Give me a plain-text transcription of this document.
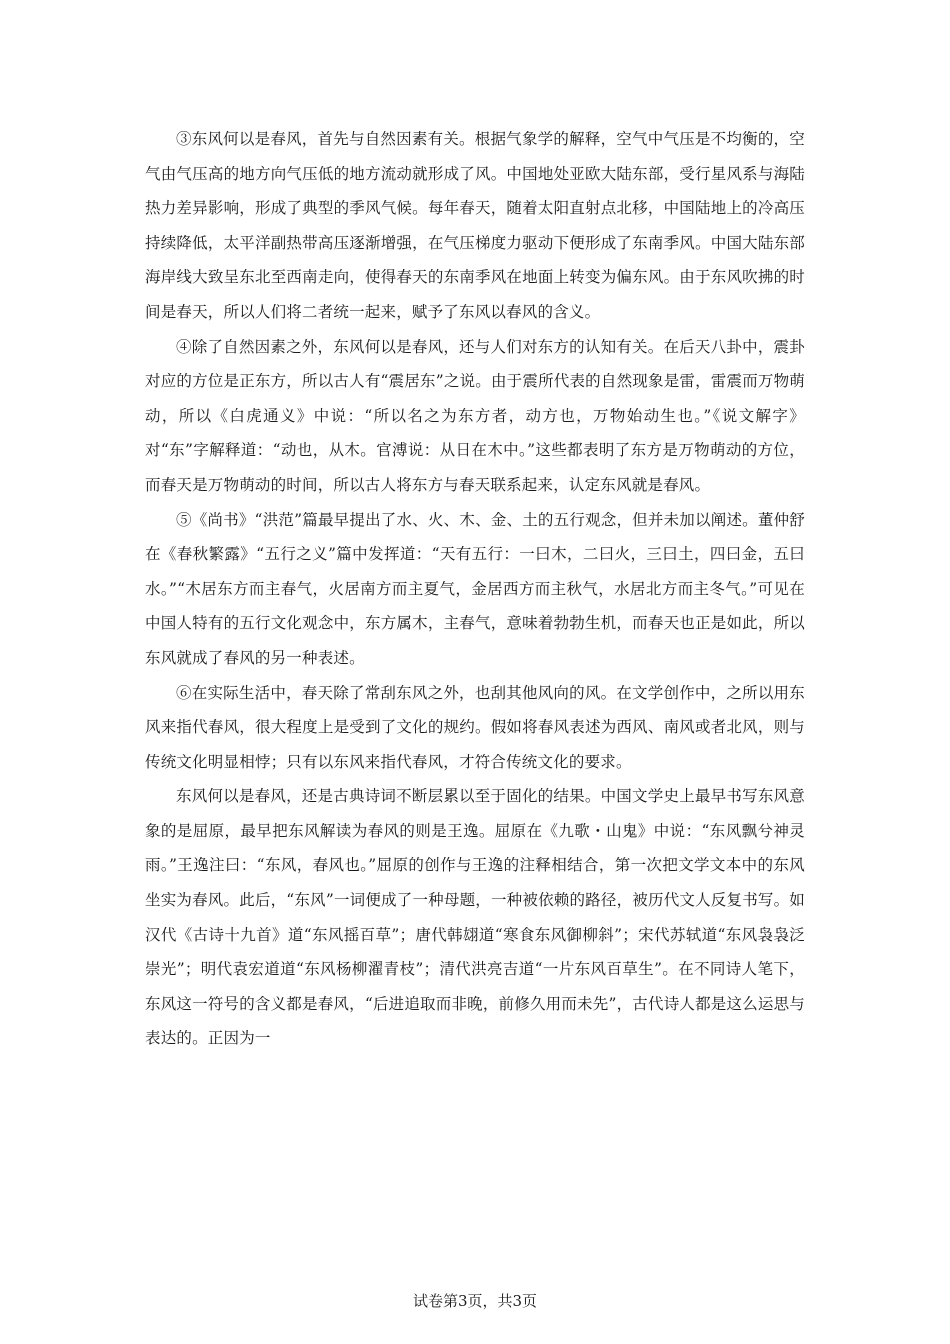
③东风何以是春风，首先与自然因素有关。根据气象学的解释，空气中气压是不均衡的，空气由气压高的地方向气压低的地方流动就形成了风。中国地处亚欧大陆东部，受行星风系与海陆热力差异影响，形成了典型的季风气候。每年春天，随着太阳直射点北移，中国陆地上的冷高压持续降低，太平洋副热带高压逐渐增强，在气压梯度力驱动下便形成了东南季风。中国大陆东部海岸线大致呈东北至西南走向，使得春天的东南季风在地面上转变为偏东风。由于东风吹拂的时间是春天，所以人们将二者统一起来，赋予了东风以春风的含义。

④除了自然因素之外，东风何以是春风，还与人们对东方的认知有关。在后天八卦中，震卦对应的方位是正东方，所以古人有“震居东”之说。由于震所代表的自然现象是雷，雷震而万物萌动，所以《白虎通义》中说：“所以名之为东方者，动方也，万物始动生也。”《说文解字》对“东”字解释道：“动也，从木。官溥说：从日在木中。”这些都表明了东方是万物萌动的方位，而春天是万物萌动的时间，所以古人将东方与春天联系起来，认定东风就是春风。

⑤《尚书》“洪范”篇最早提出了水、火、木、金、土的五行观念，但并未加以阐述。董仲舒在《春秋繁露》“五行之义”篇中发挥道：“天有五行：一曰木，二曰火，三曰土，四曰金，五曰水。”“木居东方而主春气，火居南方而主夏气，金居西方而主秋气，水居北方而主冬气。”可见在中国人特有的五行文化观念中，东方属木，主春气，意味着勃勃生机，而春天也正是如此，所以东风就成了春风的另一种表述。

⑥在实际生活中，春天除了常刮东风之外，也刮其他风向的风。在文学创作中，之所以用东风来指代春风，很大程度上是受到了文化的规约。假如将春风表述为西风、南风或者北风，则与传统文化明显相悖；只有以东风来指代春风，才符合传统文化的要求。

东风何以是春风，还是古典诗词不断层累以至于固化的结果。中国文学史上最早书写东风意象的是屈原，最早把东风解读为春风的则是王逸。屈原在《九歌・山鬼》中说：“东风飘兮神灵雨。”王逸注曰：“东风，春风也。”屈原的创作与王逸的注释相结合，第一次把文学文本中的东风坐实为春风。此后，“东风”一词便成了一种母题，一种被依赖的路径，被历代文人反复书写。如汉代《古诗十九首》道“东风摇百草”；唐代韩翃道“寒食东风御柳斜”；宋代苏轼道“东风袅袅泛崇光”；明代袁宏道道“东风杨柳濯青枝”；清代洪亮吉道“一片东风百草生”。在不同诗人笔下，东风这一符号的含义都是春风，“后进追取而非晚，前修久用而未先”，古代诗人都是这么运思与表达的。正因为一

试卷第3页，共3页
